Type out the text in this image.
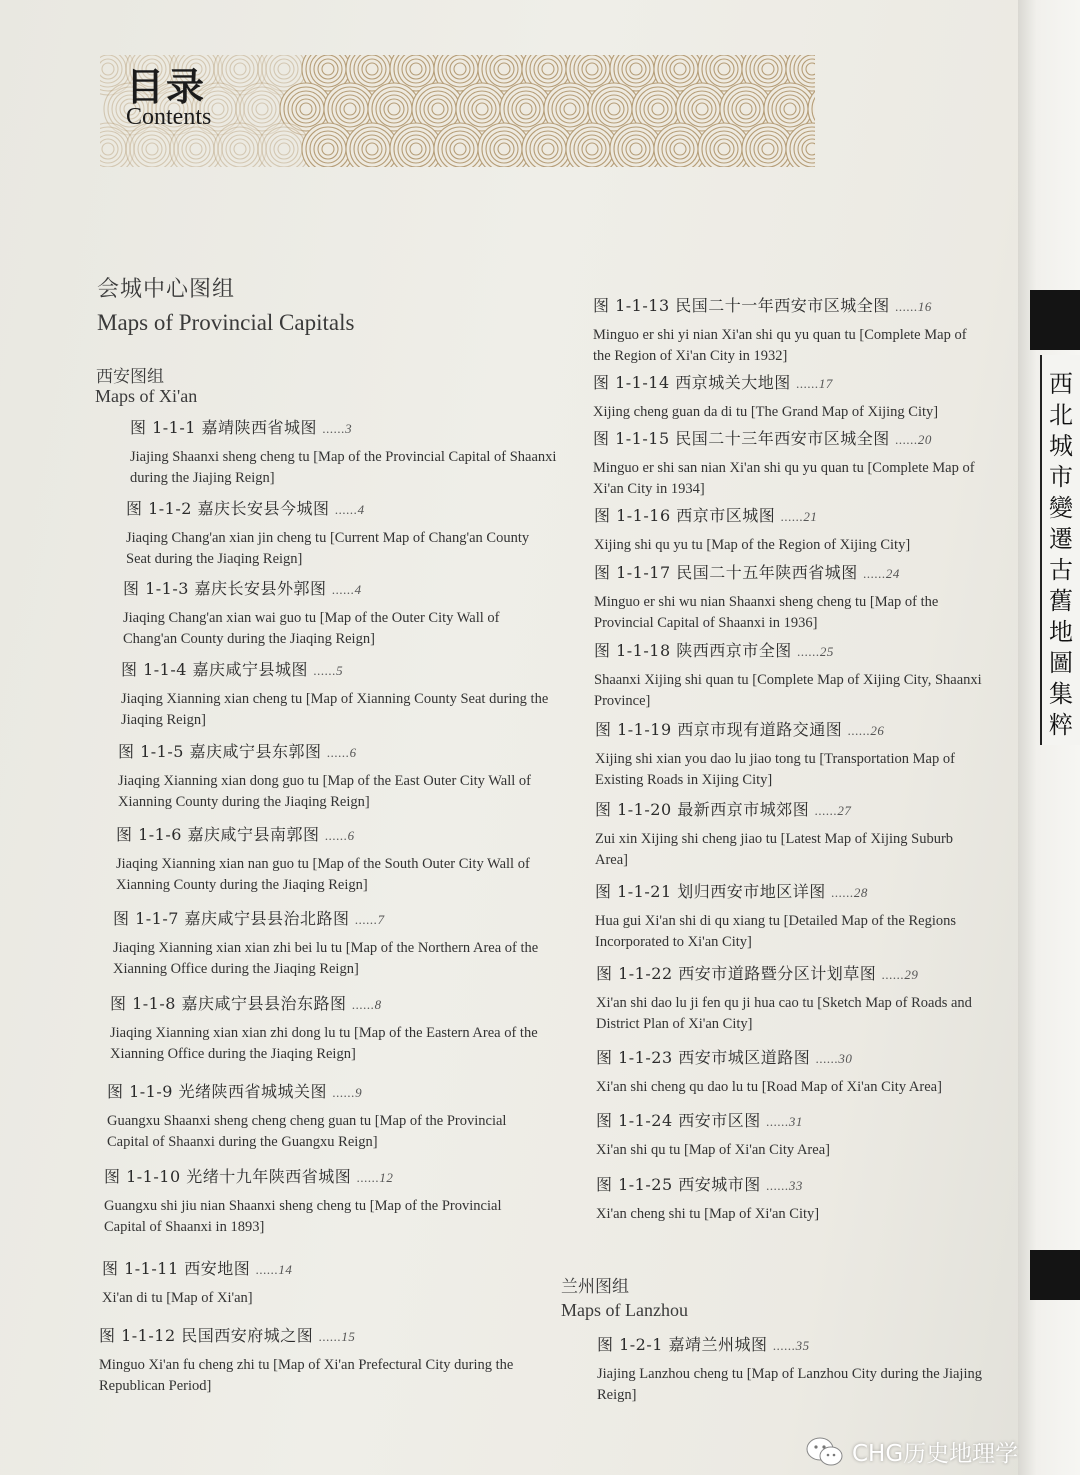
西
北
城
市
變
遷
古
舊
地
圖
集
粹
目录
Contents
会城中心图组
Maps of Provincial Capitals
西安图组
Maps of Xi'an
图 1-1-1 嘉靖陕西省城图 ......3
Jiajing Shaanxi sheng cheng tu [Map of the Provincial Capital of Shaanxi during the Jiajing Reign]
图 1-1-2 嘉庆长安县今城图 ......4
Jiaqing Chang'an xian jin cheng tu [Current Map of Chang'an County Seat during the Jiaqing Reign]
图 1-1-3 嘉庆长安县外郭图 ......4
Jiaqing Chang'an xian wai guo tu [Map of the Outer City Wall of Chang'an County during the Jiaqing Reign]
图 1-1-4 嘉庆咸宁县城图 ......5
Jiaqing Xianning xian cheng tu [Map of Xianning County Seat during the Jiaqing Reign]
图 1-1-5 嘉庆咸宁县东郭图 ......6
Jiaqing Xianning xian dong guo tu [Map of the East Outer City Wall of Xianning County during the Jiaqing Reign]
图 1-1-6 嘉庆咸宁县南郭图 ......6
Jiaqing Xianning xian nan guo tu [Map of the South Outer City Wall of Xianning County during the Jiaqing Reign]
图 1-1-7 嘉庆咸宁县县治北路图 ......7
Jiaqing Xianning xian xian zhi bei lu tu [Map of the Northern Area of the Xianning Office during the Jiaqing Reign]
图 1-1-8 嘉庆咸宁县县治东路图 ......8
Jiaqing Xianning xian xian zhi dong lu tu [Map of the Eastern Area of the Xianning Office during the Jiaqing Reign]
图 1-1-9 光绪陕西省城城关图 ......9
Guangxu Shaanxi sheng cheng cheng guan tu [Map of the Provincial Capital of Shaanxi during the Guangxu Reign]
图 1-1-10 光绪十九年陕西省城图 ......12
Guangxu shi jiu nian Shaanxi sheng cheng tu [Map of the Provincial Capital of Shaanxi in 1893]
图 1-1-11 西安地图 ......14
Xi'an di tu [Map of Xi'an]
图 1-1-12 民国西安府城之图 ......15
Minguo Xi'an fu cheng zhi tu [Map of Xi'an Prefectural City during the Republican Period]
图 1-1-13 民国二十一年西安市区城全图 ......16
Minguo er shi yi nian Xi'an shi qu yu quan tu [Complete Map of the Region of Xi'an City in 1932]
图 1-1-14 西京城关大地图 ......17
Xijing cheng guan da di tu [The Grand Map of Xijing City]
图 1-1-15 民国二十三年西安市区城全图 ......20
Minguo er shi san nian Xi'an shi qu yu quan tu [Complete Map of Xi'an City in 1934]
图 1-1-16 西京市区城图 ......21
Xijing shi qu yu tu [Map of the Region of Xijing City]
图 1-1-17 民国二十五年陕西省城图 ......24
Minguo er shi wu nian Shaanxi sheng cheng tu [Map of the Provincial Capital of Shaanxi in 1936]
图 1-1-18 陕西西京市全图 ......25
Shaanxi Xijing shi quan tu [Complete Map of Xijing City, Shaanxi Province]
图 1-1-19 西京市现有道路交通图 ......26
Xijing shi xian you dao lu jiao tong tu [Transportation Map of Existing Roads in Xijing City]
图 1-1-20 最新西京市城郊图 ......27
Zui xin Xijing shi cheng jiao tu [Latest Map of Xijing Suburb Area]
图 1-1-21 划归西安市地区详图 ......28
Hua gui Xi'an shi di qu xiang tu [Detailed Map of the Regions Incorporated to Xi'an City]
图 1-1-22 西安市道路暨分区计划草图 ......29
Xi'an shi dao lu ji fen qu ji hua cao tu [Sketch Map of Roads and District Plan of Xi'an City]
图 1-1-23 西安市城区道路图 ......30
Xi'an shi cheng qu dao lu tu [Road Map of Xi'an City Area]
图 1-1-24 西安市区图 ......31
Xi'an shi qu tu [Map of Xi'an City Area]
图 1-1-25 西安城市图 ......33
Xi'an cheng shi tu [Map of Xi'an City]
兰州图组
Maps of Lanzhou
图 1-2-1 嘉靖兰州城图 ......35
Jiajing Lanzhou cheng tu [Map of Lanzhou City during the Jiajing Reign]
CHG历史地理学
